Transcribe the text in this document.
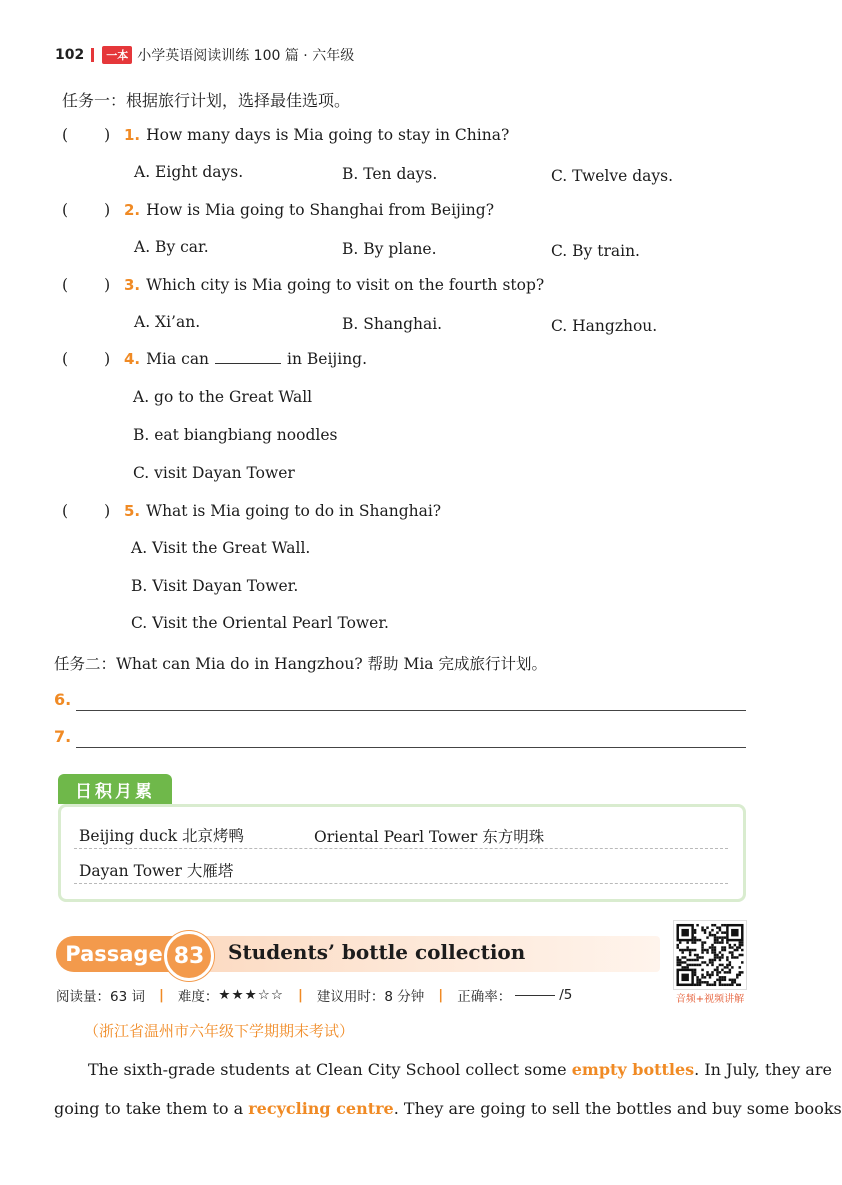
102	一本 小学英语阅读训练 100 篇 · 六年级
任务一：根据旅行计划，选择最佳选项。
( ) 1. How many days is Mia going to stay in China?
A. Eight days.	B. Ten days.	C. Twelve days.
( ) 2. How is Mia going to Shanghai from Beijing?
A. By car.	B. By plane.	C. By train.
( ) 3. Which city is Mia going to visit on the fourth stop?
A. Xi’an.	B. Shanghai.	C. Hangzhou.
( ) 4. Mia can	in Beijing.
A. go to the Great Wall
B. eat biangbiang noodles
C. visit Dayan Tower
( ) 5. What is Mia going to do in Shanghai?
A. Visit the Great Wall.
B. Visit Dayan Tower.
C. Visit the Oriental Pearl Tower.
任务二：What can Mia do in Hangzhou? 帮助 Mia 完成旅行计划。
6.
7.
日积月累
Beijing duck 北京烤鸭	Oriental Pearl Tower 东方明珠
Dayan Tower 大雁塔
Passage 83	Students’ bottle collection
音频+视频讲解
阅读量：63 词 | 难度： ★★★☆☆ | 建议用时：8 分钟 | 正确率：	/5
（浙江省温州市六年级下学期期末考试）
The sixth-grade students at Clean City School collect some empty bottles. In July, they are
going to take them to a recycling centre. They are going to sell the bottles and buy some books
